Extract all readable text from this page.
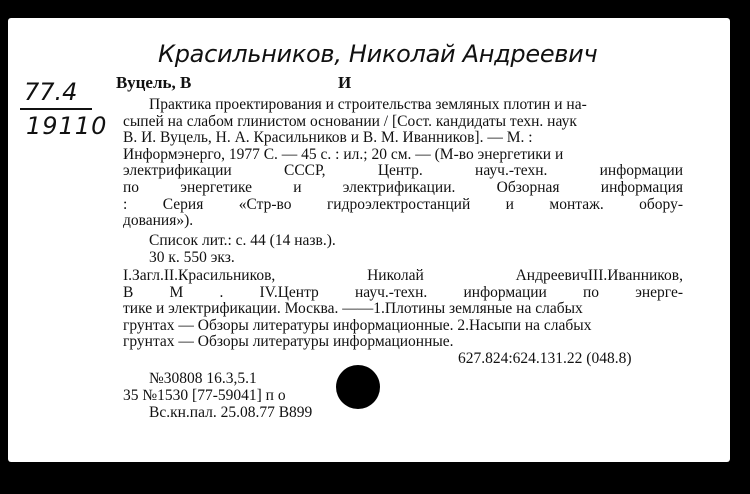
Красильников, Николай Андреевич
77.4
19110
Вуцель, В	И

Практика проектирования и строительства земляных плотин и на-

сыпей на слабом глинистом основании / [Сост. кандидаты техн. наук

В. И. Вуцель, Н. А. Красильников и В. М. Иванников]. — М. :

Информэнерго, 1977 С. — 45 с. : ил.; 20 см. — (М-во энергетики и

электрификации СССР, Центр. науч.-техн. информации

по энергетике и электрификации. Обзорная информация

: Серия «Стр-во гидроэлектростанций и монтаж. обору-

дования»).

Список лит.: с. 44 (14 назв.).

30 к. 550 экз.

I.Загл.II.Красильников, Николай АндреевичIII.Иванников,

В М . IV.Центр науч.-техн. информации по энерге-

тике и электрификации. Москва. ——1.Плотины земляные на слабых

грунтах — Обзоры литературы информационные. 2.Насыпи на слабых

грунтах — Обзоры литературы информационные.

627.824:624.131.22 (048.8)

№30808 16.3,5.1

35 №1530 [77-59041] п о

Вс.кн.пал. 25.08.77 В899
